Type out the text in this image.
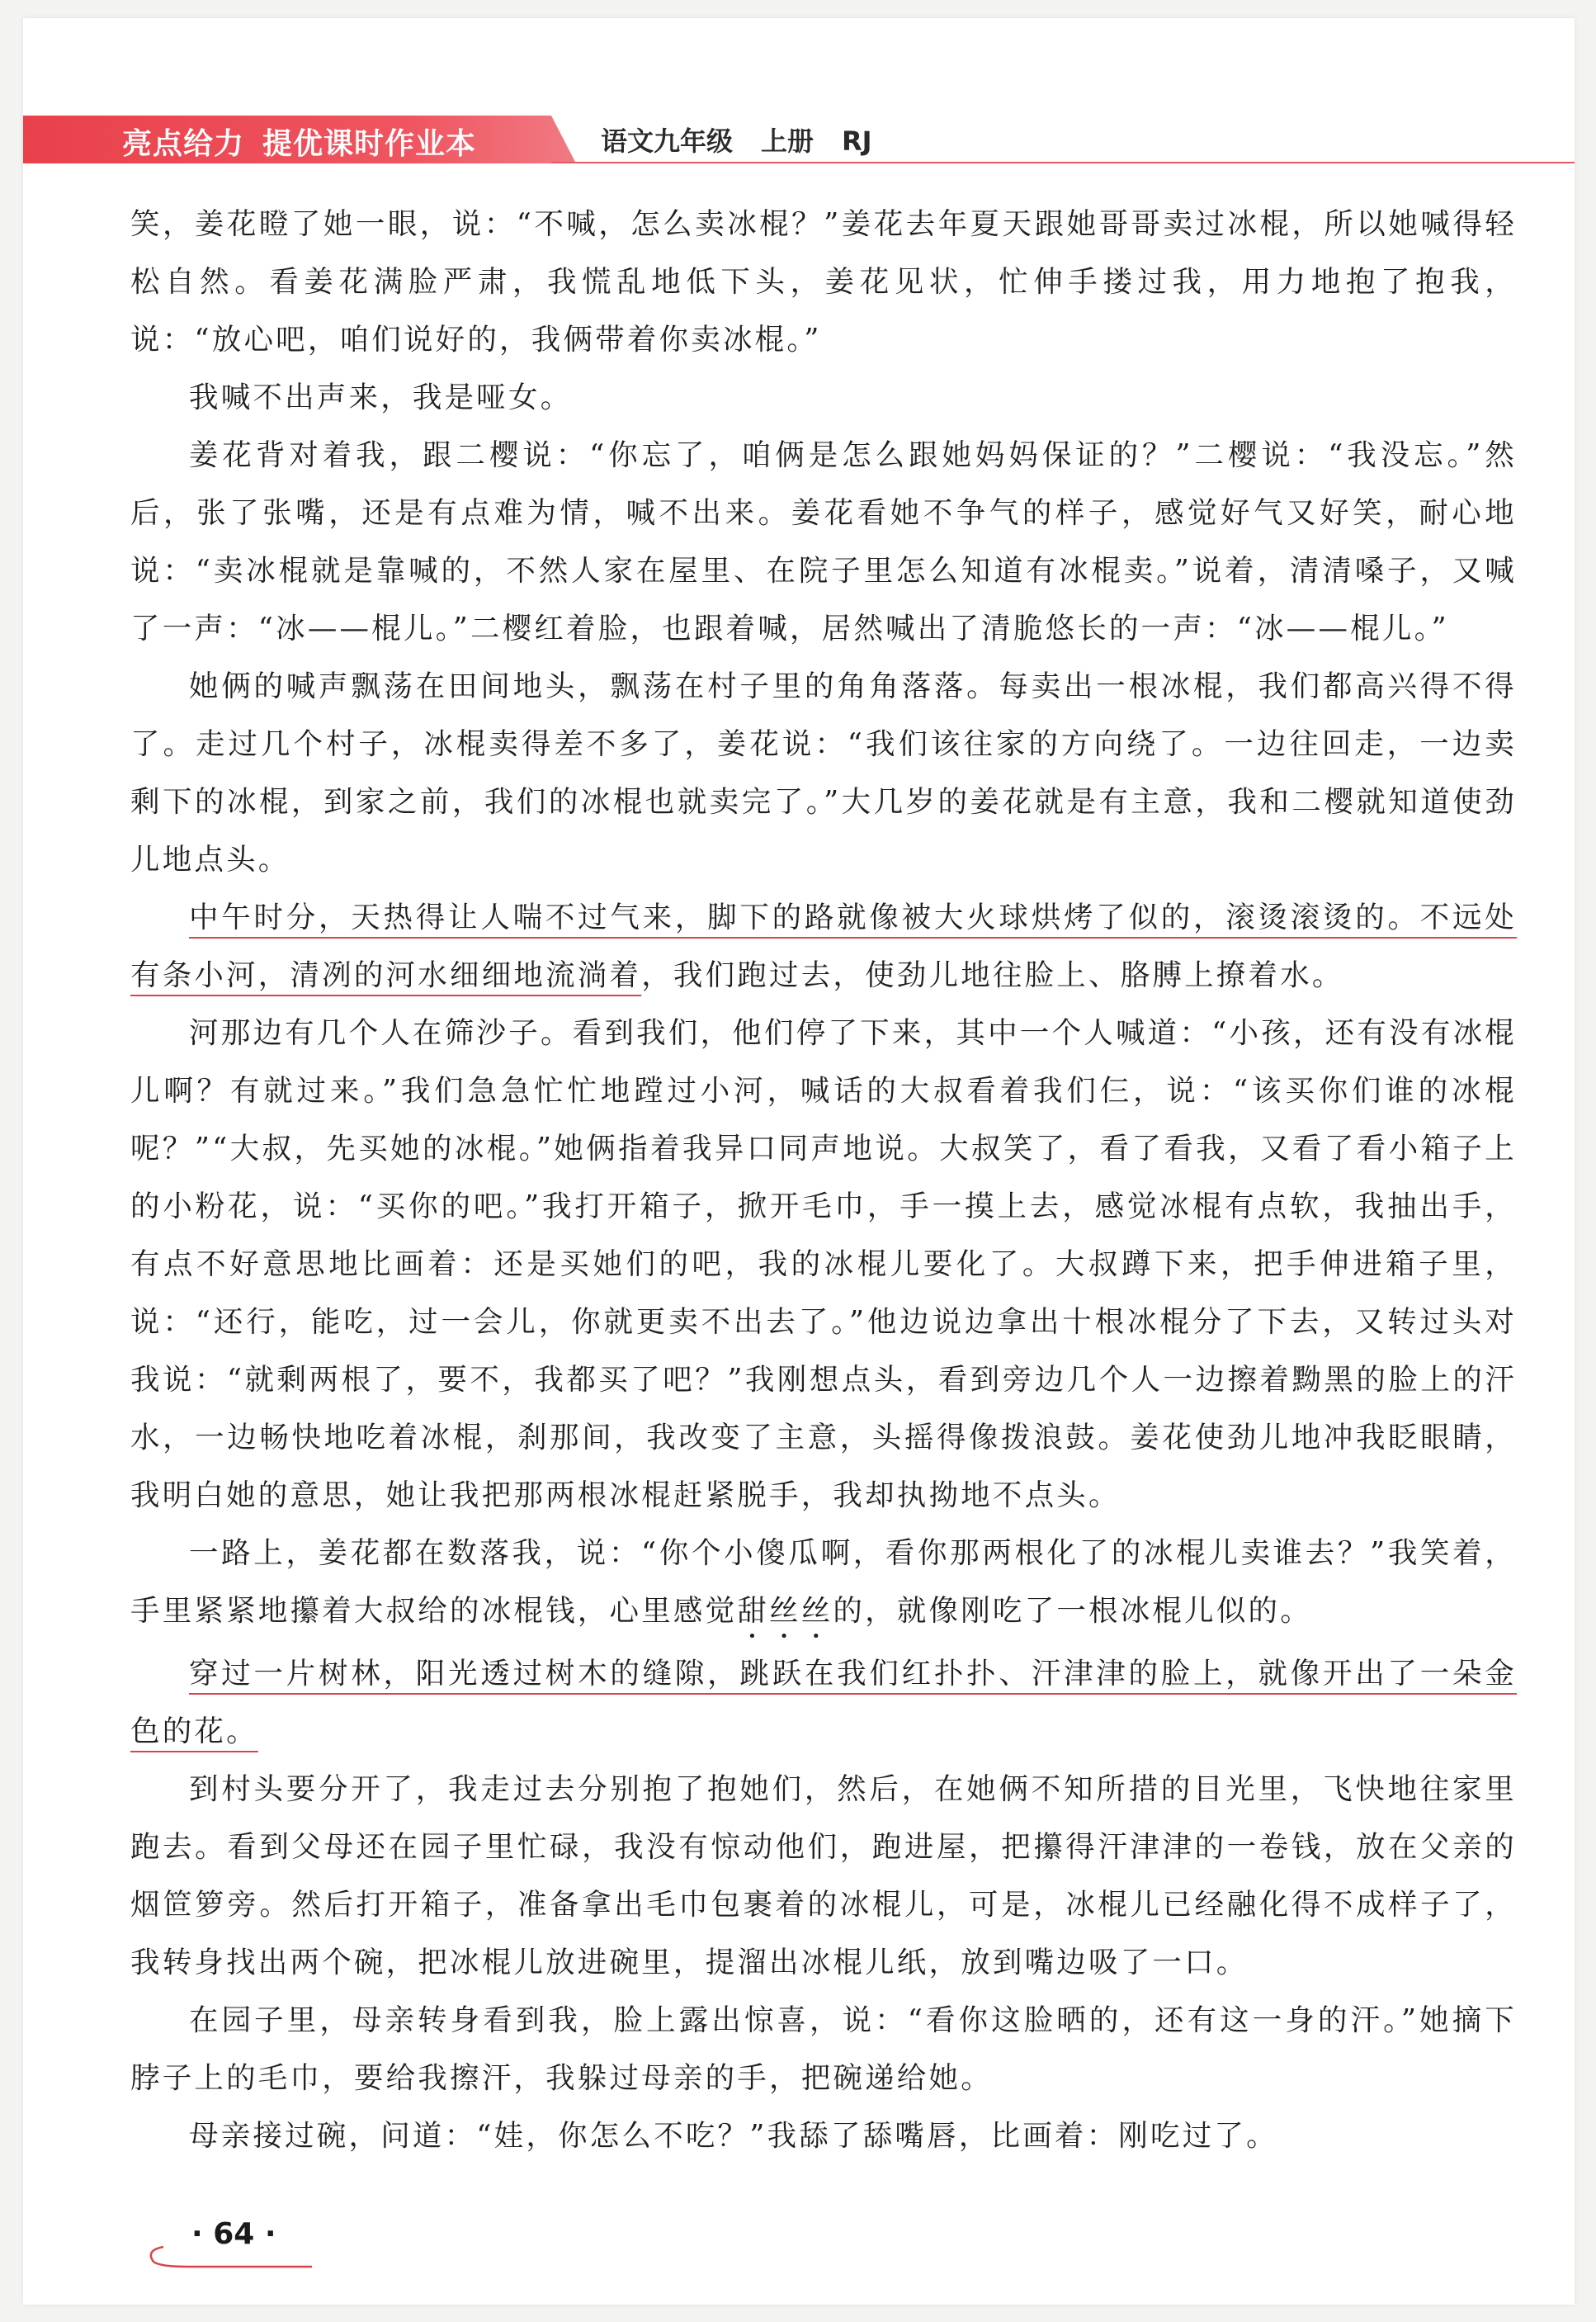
亮点给力 提优课时作业本	语文九年级 上册 RJ

笑，姜花瞪了她一眼，说：“不喊，怎么卖冰棍？”姜花去年夏天跟她哥哥卖过冰棍，所以她喊得轻松自然。看姜花满脸严肃，我慌乱地低下头，姜花见状，忙伸手搂过我，用力地抱了抱我，说：“放心吧，咱们说好的，我俩带着你卖冰棍。”

我喊不出声来，我是哑女。

姜花背对着我，跟二樱说：“你忘了，咱俩是怎么跟她妈妈保证的？”二樱说：“我没忘。”然后，张了张嘴，还是有点难为情，喊不出来。姜花看她不争气的样子，感觉好气又好笑，耐心地说：“卖冰棍就是靠喊的，不然人家在屋里、在院子里怎么知道有冰棍卖。”说着，清清嗓子，又喊了一声：“冰——棍儿。”二樱红着脸，也跟着喊，居然喊出了清脆悠长的一声：“冰——棍儿。”

她俩的喊声飘荡在田间地头，飘荡在村子里的角角落落。每卖出一根冰棍，我们都高兴得不得了。走过几个村子，冰棍卖得差不多了，姜花说：“我们该往家的方向绕了。一边往回走，一边卖剩下的冰棍，到家之前，我们的冰棍也就卖完了。”大几岁的姜花就是有主意，我和二樱就知道使劲儿地点头。

中午时分，天热得让人喘不过气来，脚下的路就像被大火球烘烤了似的，滚烫滚烫的。不远处有条小河，清冽的河水细细地流淌着，我们跑过去，使劲儿地往脸上、胳膊上撩着水。

河那边有几个人在筛沙子。看到我们，他们停了下来，其中一个人喊道：“小孩，还有没有冰棍儿啊？有就过来。”我们急急忙忙地蹚过小河，喊话的大叔看着我们仨，说：“该买你们谁的冰棍呢？”“大叔，先买她的冰棍。”她俩指着我异口同声地说。大叔笑了，看了看我，又看了看小箱子上的小粉花，说：“买你的吧。”我打开箱子，掀开毛巾，手一摸上去，感觉冰棍有点软，我抽出手，有点不好意思地比画着：还是买她们的吧，我的冰棍儿要化了。大叔蹲下来，把手伸进箱子里，说：“还行，能吃，过一会儿，你就更卖不出去了。”他边说边拿出十根冰棍分了下去，又转过头对我说：“就剩两根了，要不，我都买了吧？”我刚想点头，看到旁边几个人一边擦着黝黑的脸上的汗水，一边畅快地吃着冰棍，刹那间，我改变了主意，头摇得像拨浪鼓。姜花使劲儿地冲我眨眼睛，我明白她的意思，她让我把那两根冰棍赶紧脱手，我却执拗地不点头。

一路上，姜花都在数落我，说：“你个小傻瓜啊，看你那两根化了的冰棍儿卖谁去？”我笑着，手里紧紧地攥着大叔给的冰棍钱，心里感觉甜丝丝的，就像刚吃了一根冰棍儿似的。

穿过一片树林，阳光透过树木的缝隙，跳跃在我们红扑扑、汗津津的脸上，就像开出了一朵金色的花。

到村头要分开了，我走过去分别抱了抱她们，然后，在她俩不知所措的目光里，飞快地往家里跑去。看到父母还在园子里忙碌，我没有惊动他们，跑进屋，把攥得汗津津的一卷钱，放在父亲的烟笸箩旁。然后打开箱子，准备拿出毛巾包裹着的冰棍儿，可是，冰棍儿已经融化得不成样子了，我转身找出两个碗，把冰棍儿放进碗里，提溜出冰棍儿纸，放到嘴边吸了一口。

在园子里，母亲转身看到我，脸上露出惊喜，说：“看你这脸晒的，还有这一身的汗。”她摘下脖子上的毛巾，要给我擦汗，我躲过母亲的手，把碗递给她。

母亲接过碗，问道：“娃，你怎么不吃？”我舔了舔嘴唇，比画着：刚吃过了。

· 64 ·
